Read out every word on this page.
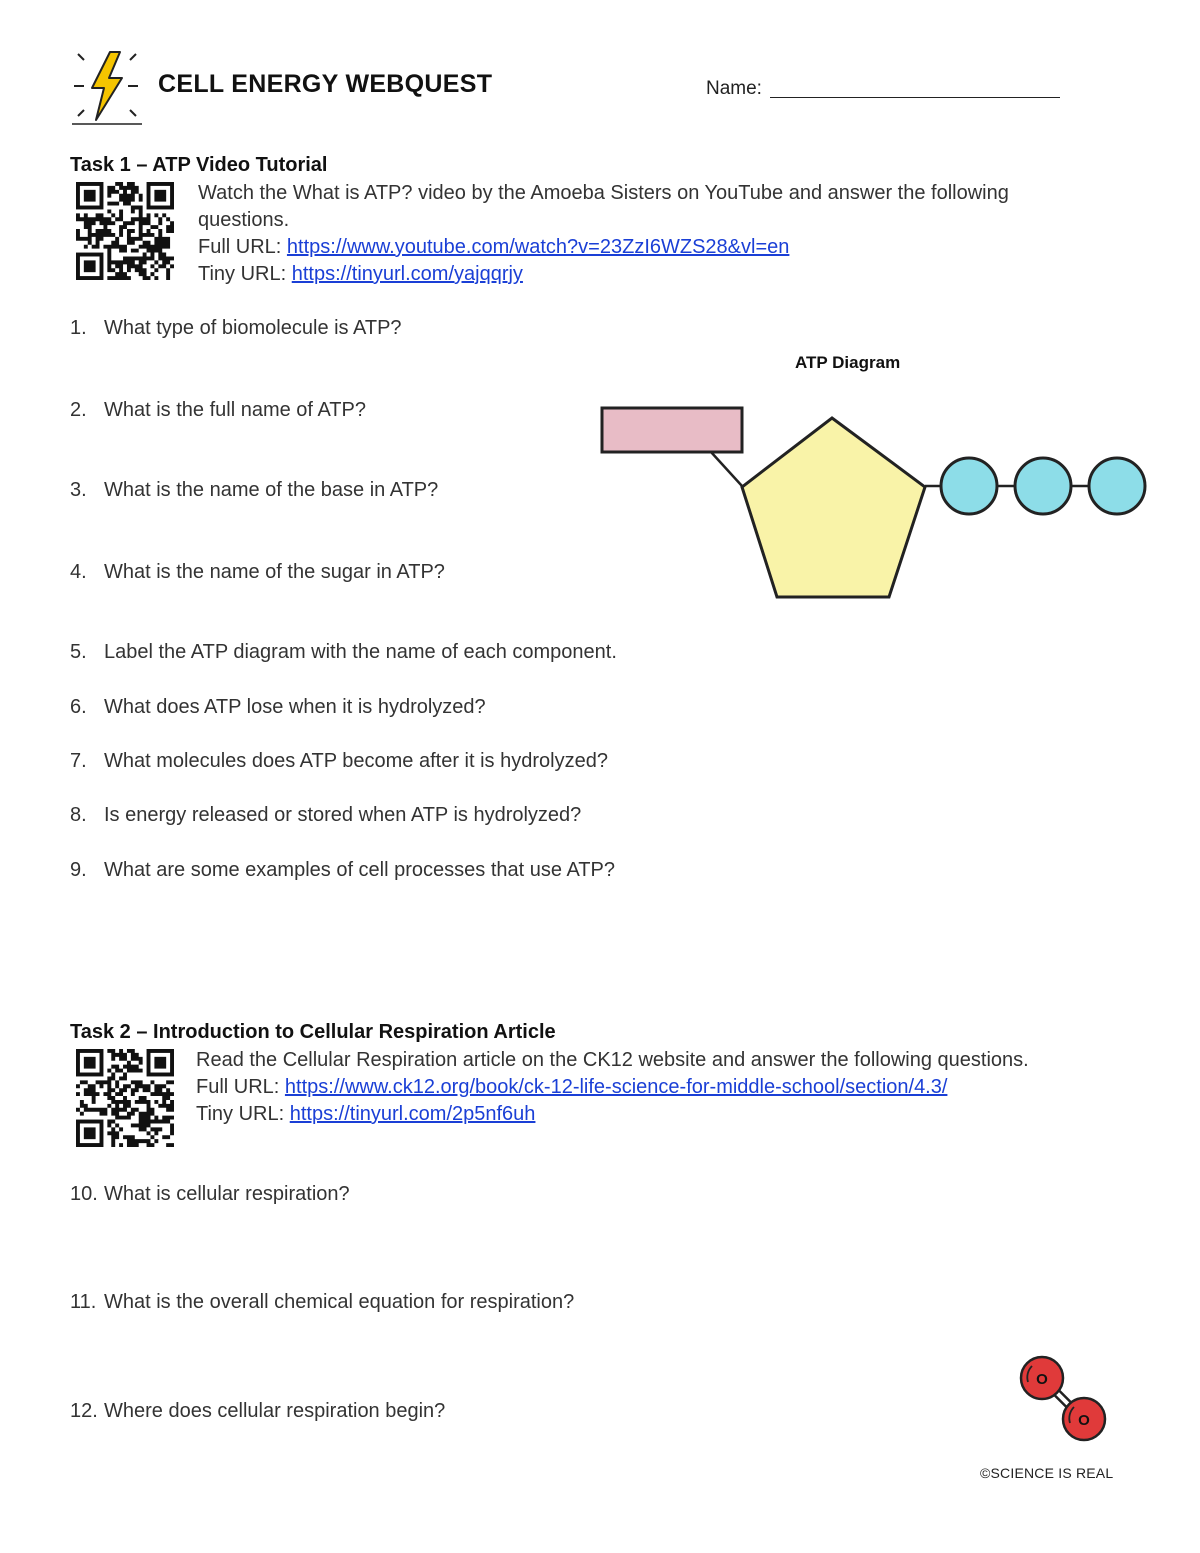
CELL ENERGY WEBQUEST	Name:
Task 1 – ATP Video Tutorial
Watch the What is ATP? video by the Amoeba Sisters on YouTube and answer the following questions.
Full URL: https://www.youtube.com/watch?v=23ZzI6WZS28&vl=en
Tiny URL: https://tinyurl.com/yajqqrjy
1. What type of biomolecule is ATP?
2. What is the full name of ATP?
3. What is the name of the base in ATP?
4. What is the name of the sugar in ATP?
5. Label the ATP diagram with the name of each component.
6. What does ATP lose when it is hydrolyzed?
7. What molecules does ATP become after it is hydrolyzed?
8. Is energy released or stored when ATP is hydrolyzed?
9. What are some examples of cell processes that use ATP?
ATP Diagram
Task 2 – Introduction to Cellular Respiration Article
Read the Cellular Respiration article on the CK12 website and answer the following questions.
Full URL: https://www.ck12.org/book/ck-12-life-science-for-middle-school/section/4.3/
Tiny URL: https://tinyurl.com/2p5nf6uh
10. What is cellular respiration?
11. What is the overall chemical equation for respiration?
12. Where does cellular respiration begin?
O
O
©SCIENCE IS REAL
